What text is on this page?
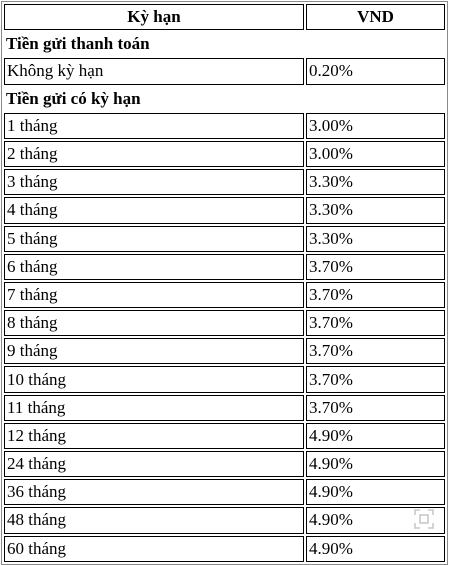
Kỳ hạn	VND
Tiền gửi thanh toán	
Không kỳ hạn	0.20%
Tiền gửi có kỳ hạn	
1 tháng	3.00%
2 tháng	3.00%
3 tháng	3.30%
4 tháng	3.30%
5 tháng	3.30%
6 tháng	3.70%
7 tháng	3.70%
8 tháng	3.70%
9 tháng	3.70%
10 tháng	3.70%
11 tháng	3.70%
12 tháng	4.90%
24 tháng	4.90%
36 tháng	4.90%
48 tháng	4.90%
60 tháng	4.90%
